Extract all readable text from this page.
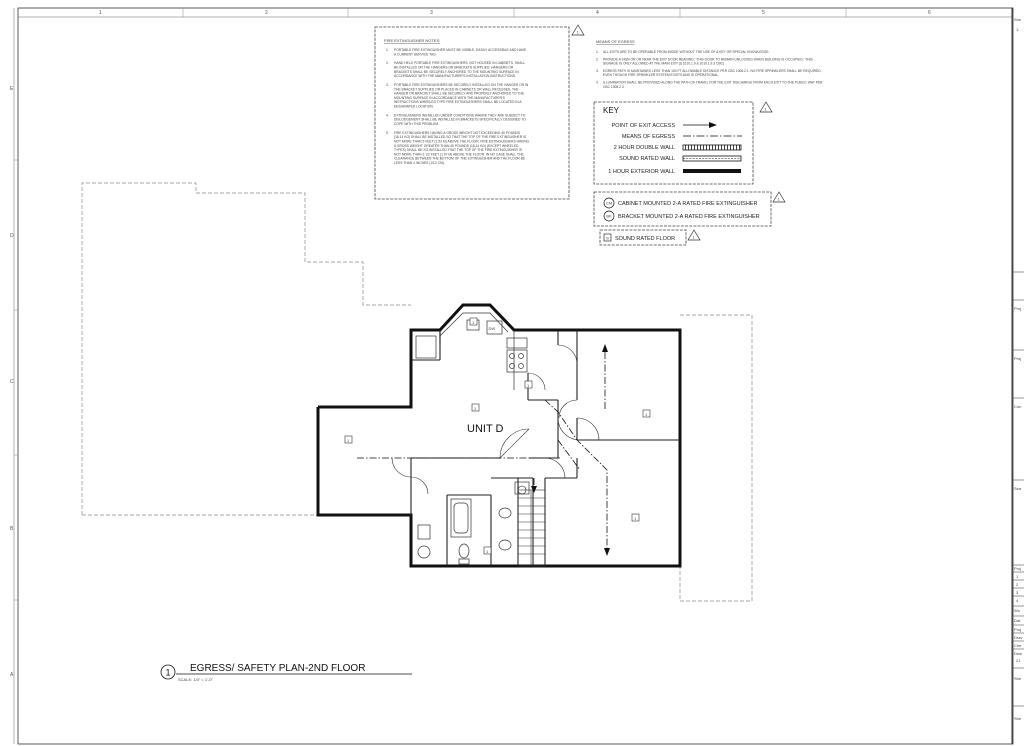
1	2	3	4	5	6
E
D
C
B
A
She
1.
Proj
Proj
Con
Sea
Proj
1
2
3
4
Wo
Dat
Proj
Drav
Che
Desi
21
She
She
FIRE EXTINGUISHER NOTES:
1. PORTABLE FIRE EXTINGUISHER MUST BE VISIBLE, EASILY ACCESSIBLE AND HAVE
A CURRENT SERVICE TAG.
2. HAND HELD PORTABLE FIRE EXTINGUISHERS, NOT HOUSED IN CABINETS, SHALL
BE INSTALLED ON THE HANGERS OR BRACKETS SUPPLIED. HANGERS OR
BRACKETS SHALL BE SECURELY ANCHORED TO THE MOUNTING SURFACE IN
ACCORDANCE WITH THE MANUFACTURER'S INSTALLATION INSTRUCTIONS.
3. PORTABLE FIRE EXTINGUISHERS BE SECURELY INSTALLED ON THE HANGER OR IN
THE BRACKET SUPPLIED OR PLACED IN CABINETS OR WALL RECESSES. THE
HANGER OR BRACKET SHALL BE SECURELY AND PROPERLY ANCHORED TO THE
MOUNTING SURFACE IN ACCORDANCE WITH THE MANUFACTURER'S
INSTRUCTIONS WHEELED TYPE FIRE EXTINGUISHERS SHALL BE LOCATED IN A
DESIGNATED LOCATION.
4. EXTINGUISHERS INSTALLED UNDER CONDITIONS WHERE THEY ARE SUBJECT TO
DISLODGEMENT SHALL BE INSTALLED IN BRACKETS SPECIFICALLY DESIGNED TO
COPE WITH THIS PROBLEM.
5. FIRE EXTINGUISHERS HAVING A GROSS WEIGHT NOT EXCEEDING 40 POUNDS
(18.14 KG) SHALL BE INSTALLED SO THAT THE TOP OF THE FIRE EXTINGUISHER IS
NOT MORE THAN 5 FEET (1.53 M) ABOVE THE FLOOR. FIRE EXTINGUISHERS HAVING
A GROSS WEIGHT GREATER THAN 40 POUNDS (18.14 KG) (EXCEPT WHEELED
TYPES) SHALL BE SO INSTALLED THAT THE TOP OF THE FIRE EXTINGUISHER IS
NOT MORE THAN 3 1/2 FEET (1.07 M) ABOVE THE FLOOR. IN NO CASE SHALL THE
CLEARANCE BETWEEN THE BOTTOM OF THE EXTINGUISHER AND THE FLOOR BE
LESS THAN 4 INCHES (10.2 CM).
1
MEANS OF EGRESS
1. ALL EXITS ARE TO BE OPERABLE FROM INSIDE WITHOUT THE USE OF A KEY OR SPECIAL KNOWLEDGE.
2. PROVIDE A SIGN ON OR NEAR THE EXIT DOOR READING: 'THIS DOOR TO REMAIN UNLOCKED WHEN BUILDING IS OCCUPIED.' THIS
SIGNAGE IS ONLY ALLOWED AT THE MAIN EXIT (§ 1010.1.9 & 1010.1.9.3 CBC)
3. EGRESS PATH IS MAINTAINED LESS THAN 100 FT ALLOWABLE DISTANCE PER CBC 1006.2.1. NO FIRE SPRINKLERS SHALL BE REQUIRED,
EVEN THOUGH FIRE SPRINKLER SYSTEM EXISTS AND IS OPERATIONAL.
4. ILLUMINATION SHALL BE PROVIDED ALONG THE PATH OF TRAVEL FOR THE EXIT DISCHARGE FROM EACH EXIT TO THE PUBLIC WAY PER
CBC 1008.2.3
KEY	1
POINT OF EXIT ACCESS
MEANS OF EGRESS
2 HOUR DOUBLE WALL
SOUND RATED WALL
1 HOUR EXTERIOR WALL
CM CABINET MOUNTED 2-A RATED FIRE EXTINGUISHER
BK BRACKET MOUNTED 2-A RATED FIRE EXTINGUISHER
1
S SOUND RATED FLOOR	1
DW
1
1
1
1
1
1
1
UNIT D
1 EGRESS/ SAFETY PLAN-2ND FLOOR
SCALE: 1/4" = 1'-0"
